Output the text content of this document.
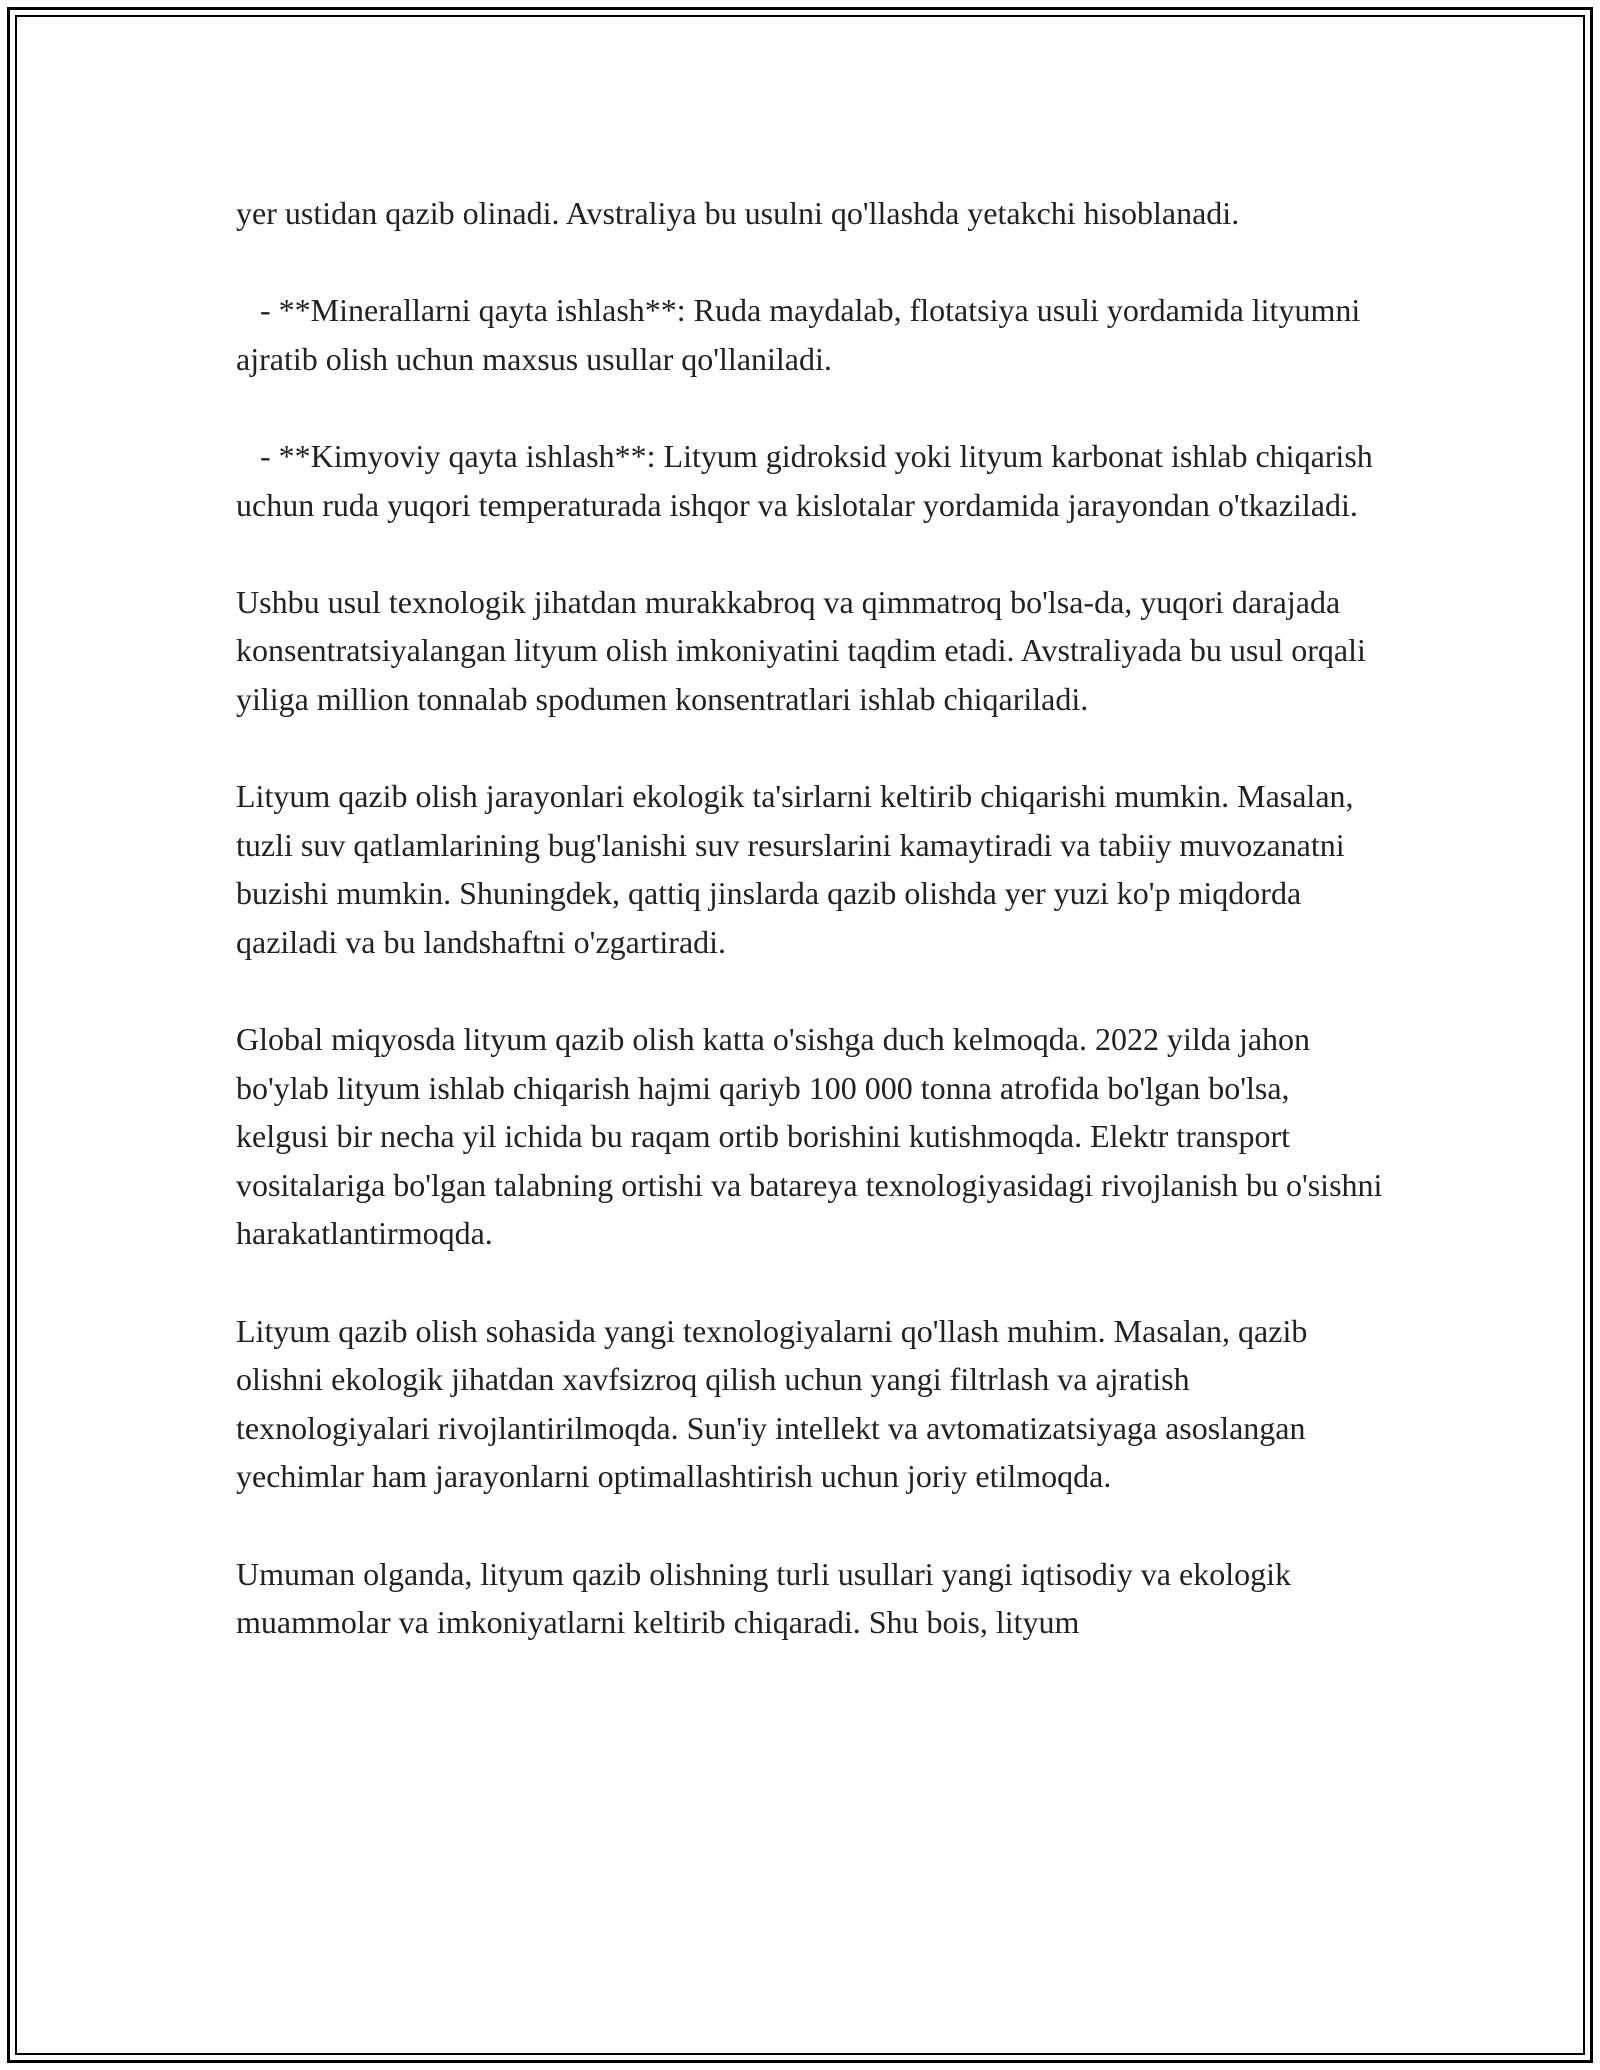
yer ustidan qazib olinadi. Avstraliya bu usulni qo'llashda yetakchi hisoblanadi.

- **Minerallarni qayta ishlash**: Ruda maydalab, flotatsiya usuli yordamida lityumni ajratib olish uchun maxsus usullar qo'llaniladi.

- **Kimyoviy qayta ishlash**: Lityum gidroksid yoki lityum karbonat ishlab chiqarish uchun ruda yuqori temperaturada ishqor va kislotalar yordamida jarayondan o'tkaziladi.

Ushbu usul texnologik jihatdan murakkabroq va qimmatroq bo'lsa-da, yuqori darajada konsentratsiyalangan lityum olish imkoniyatini taqdim etadi. Avstraliyada bu usul orqali yiliga million tonnalab spodumen konsentratlari ishlab chiqariladi.

Lityum qazib olish jarayonlari ekologik ta'sirlarni keltirib chiqarishi mumkin. Masalan, tuzli suv qatlamlarining bug'lanishi suv resurslarini kamaytiradi va tabiiy muvozanatni buzishi mumkin. Shuningdek, qattiq jinslarda qazib olishda yer yuzi ko'p miqdorda qaziladi va bu landshaftni o'zgartiradi.

Global miqyosda lityum qazib olish katta o'sishga duch kelmoqda. 2022 yilda jahon bo'ylab lityum ishlab chiqarish hajmi qariyb 100 000 tonna atrofida bo'lgan bo'lsa, kelgusi bir necha yil ichida bu raqam ortib borishini kutishmoqda. Elektr transport vositalariga bo'lgan talabning ortishi va batareya texnologiyasidagi rivojlanish bu o'sishni harakatlantirmoqda.

Lityum qazib olish sohasida yangi texnologiyalarni qo'llash muhim. Masalan, qazib olishni ekologik jihatdan xavfsizroq qilish uchun yangi filtrlash va ajratish texnologiyalari rivojlantirilmoqda. Sun'iy intellekt va avtomatizatsiyaga asoslangan yechimlar ham jarayonlarni optimallashtirish uchun joriy etilmoqda.

Umuman olganda, lityum qazib olishning turli usullari yangi iqtisodiy va ekologik muammolar va imkoniyatlarni keltirib chiqaradi. Shu bois, lityum
